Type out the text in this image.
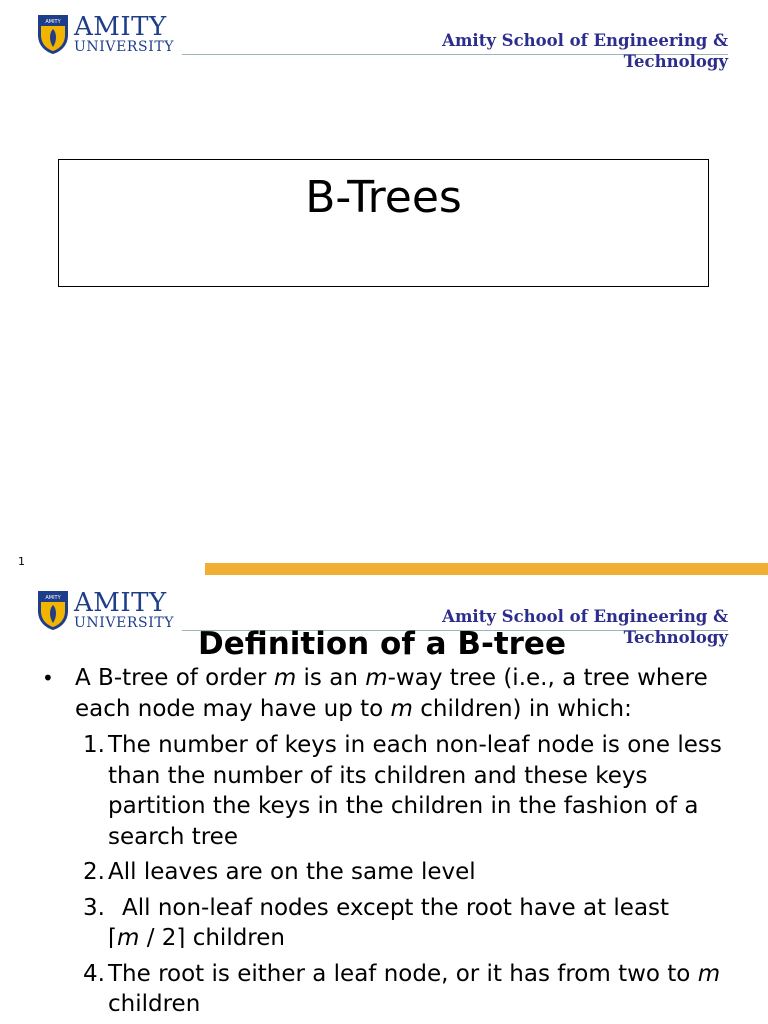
AMITY AMITY
UNIVERSITY	Amity School of Engineering &
Technology
B-Trees
1
AMITY AMITY
UNIVERSITY	Amity School of Engineering &
Technology
Definition of a B-tree
• A B-tree of order m is an m-way tree (i.e., a tree where each node may have up to m children) in which:
1. The number of keys in each non-leaf node is one less than the number of its children and these keys partition the keys in the children in the fashion of a search tree
2. All leaves are on the same level
3. All non-leaf nodes except the root have at least
⌈m / 2⌉ children
4. The root is either a leaf node, or it has from two to m children
